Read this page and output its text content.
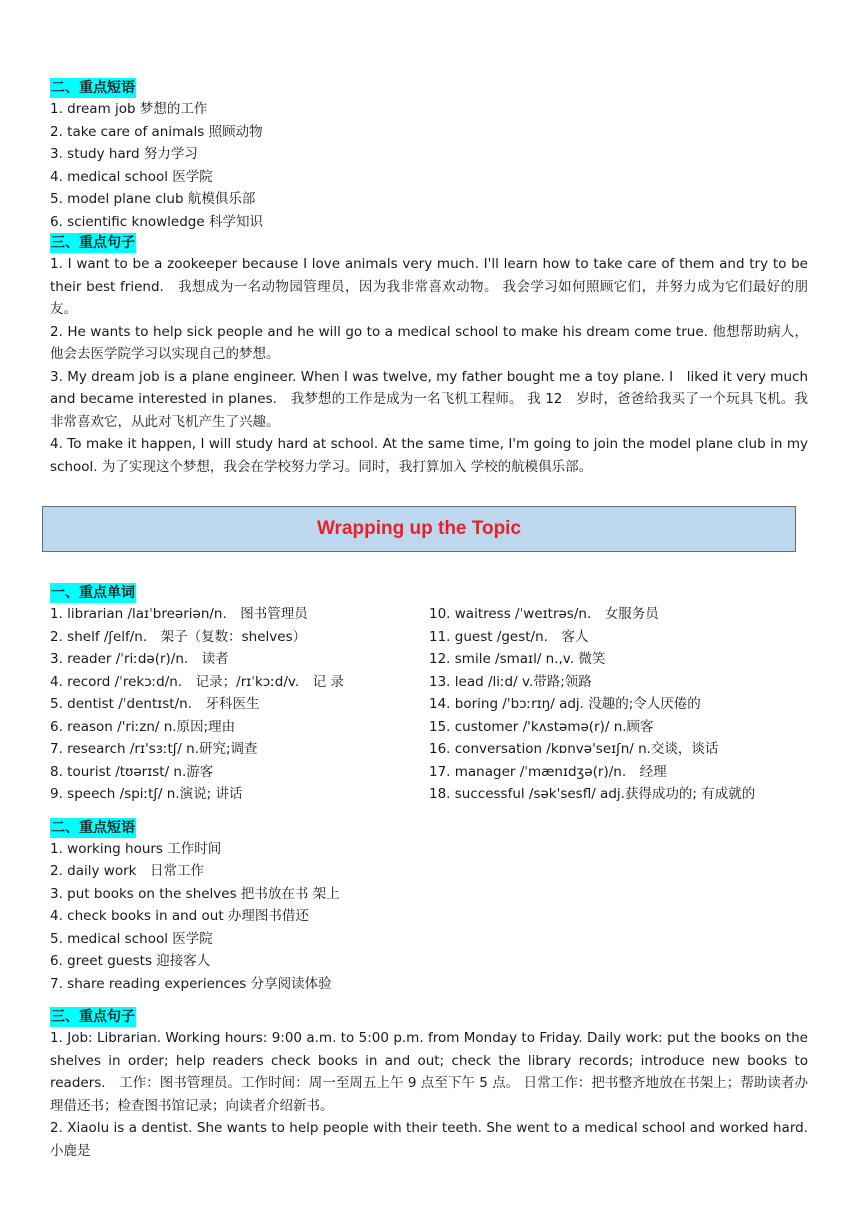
二、重点短语

1. dream job 梦想的工作

2. take care of animals 照顾动物

3. study hard 努力学习

4. medical school 医学院

5. model plane club 航模俱乐部

6. scientific knowledge 科学知识

三、重点句子

1. I want to be a zookeeper because I love animals very much. I'll learn how to take care of them and try to be their best friend.　我想成为一名动物园管理员，因为我非常喜欢动物。 我会学习如何照顾它们，并努力成为它们最好的朋友。

2. He wants to help sick people and he will go to a medical school to make his dream come true. 他想帮助病人，他会去医学院学习以实现自己的梦想。

3. My dream job is a plane engineer. When I was twelve, my father bought me a toy plane. I　liked it very much and became interested in planes.　我梦想的工作是成为一名飞机工程师。 我 12　岁时，爸爸给我买了一个玩具飞机。我非常喜欢它，从此对飞机产生了兴趣。

4. To make it happen, I will study hard at school. At the same time, I'm going to join the model plane club in my school. 为了实现这个梦想，我会在学校努力学习。同时，我打算加入 学校的航模俱乐部。

Wrapping up the Topic
一、重点单词

1. librarian /laɪˈbreəriən/n.　图书管理员

2. shelf /ʃelf/n.　架子（复数：shelves）

3. reader /ˈriːdə(r)/n.　读者

4. record /ˈrekɔːd/n.　记录；/rɪˈkɔːd/v.　记 录

5. dentist /ˈdentɪst/n.　牙科医生

6. reason /'riːzn/ n.原因;理由

7. research /rɪ'sɜːtʃ/ n.研究;调查

8. tourist /tʊərɪst/ n.游客

9. speech /spiːtʃ/ n.演说; 讲话

10. waitress /ˈweɪtrəs/n.　女服务员

11. guest /gest/n.　客人

12. smile /smaɪl/ n.,v. 微笑

13. lead /liːd/ v.带路;领路

14. boring /'bɔːrɪŋ/ adj. 没趣的;令人厌倦的

15. customer /'kʌstəmə(r)/ n.顾客

16. conversation /kɒnvə'seɪʃn/ n.交谈，谈话

17. manager /ˈmænɪdʒə(r)/n.　经理

18. successful /sək'sesfl/ adj.获得成功的; 有成就的

二、重点短语

1. working hours 工作时间

2. daily work　日常工作

3. put books on the shelves 把书放在书 架上

4. check books in and out 办理图书借还

5. medical school 医学院

6. greet guests 迎接客人

7. share reading experiences 分享阅读体验

三、重点句子

1. Job: Librarian. Working hours: 9:00 a.m. to 5:00 p.m. from Monday to Friday. Daily work: put the books on the shelves in order; help readers check books in and out; check the library records; introduce new books to readers.　工作：图书管理员。工作时间：周一至周五上午 9 点至下午 5 点。 日常工作：把书整齐地放在书架上；帮助读者办理借还书；检查图书馆记录；向读者介绍新书。

2. Xiaolu is a dentist. She wants to help people with their teeth. She went to a medical school and worked hard.　小鹿是
